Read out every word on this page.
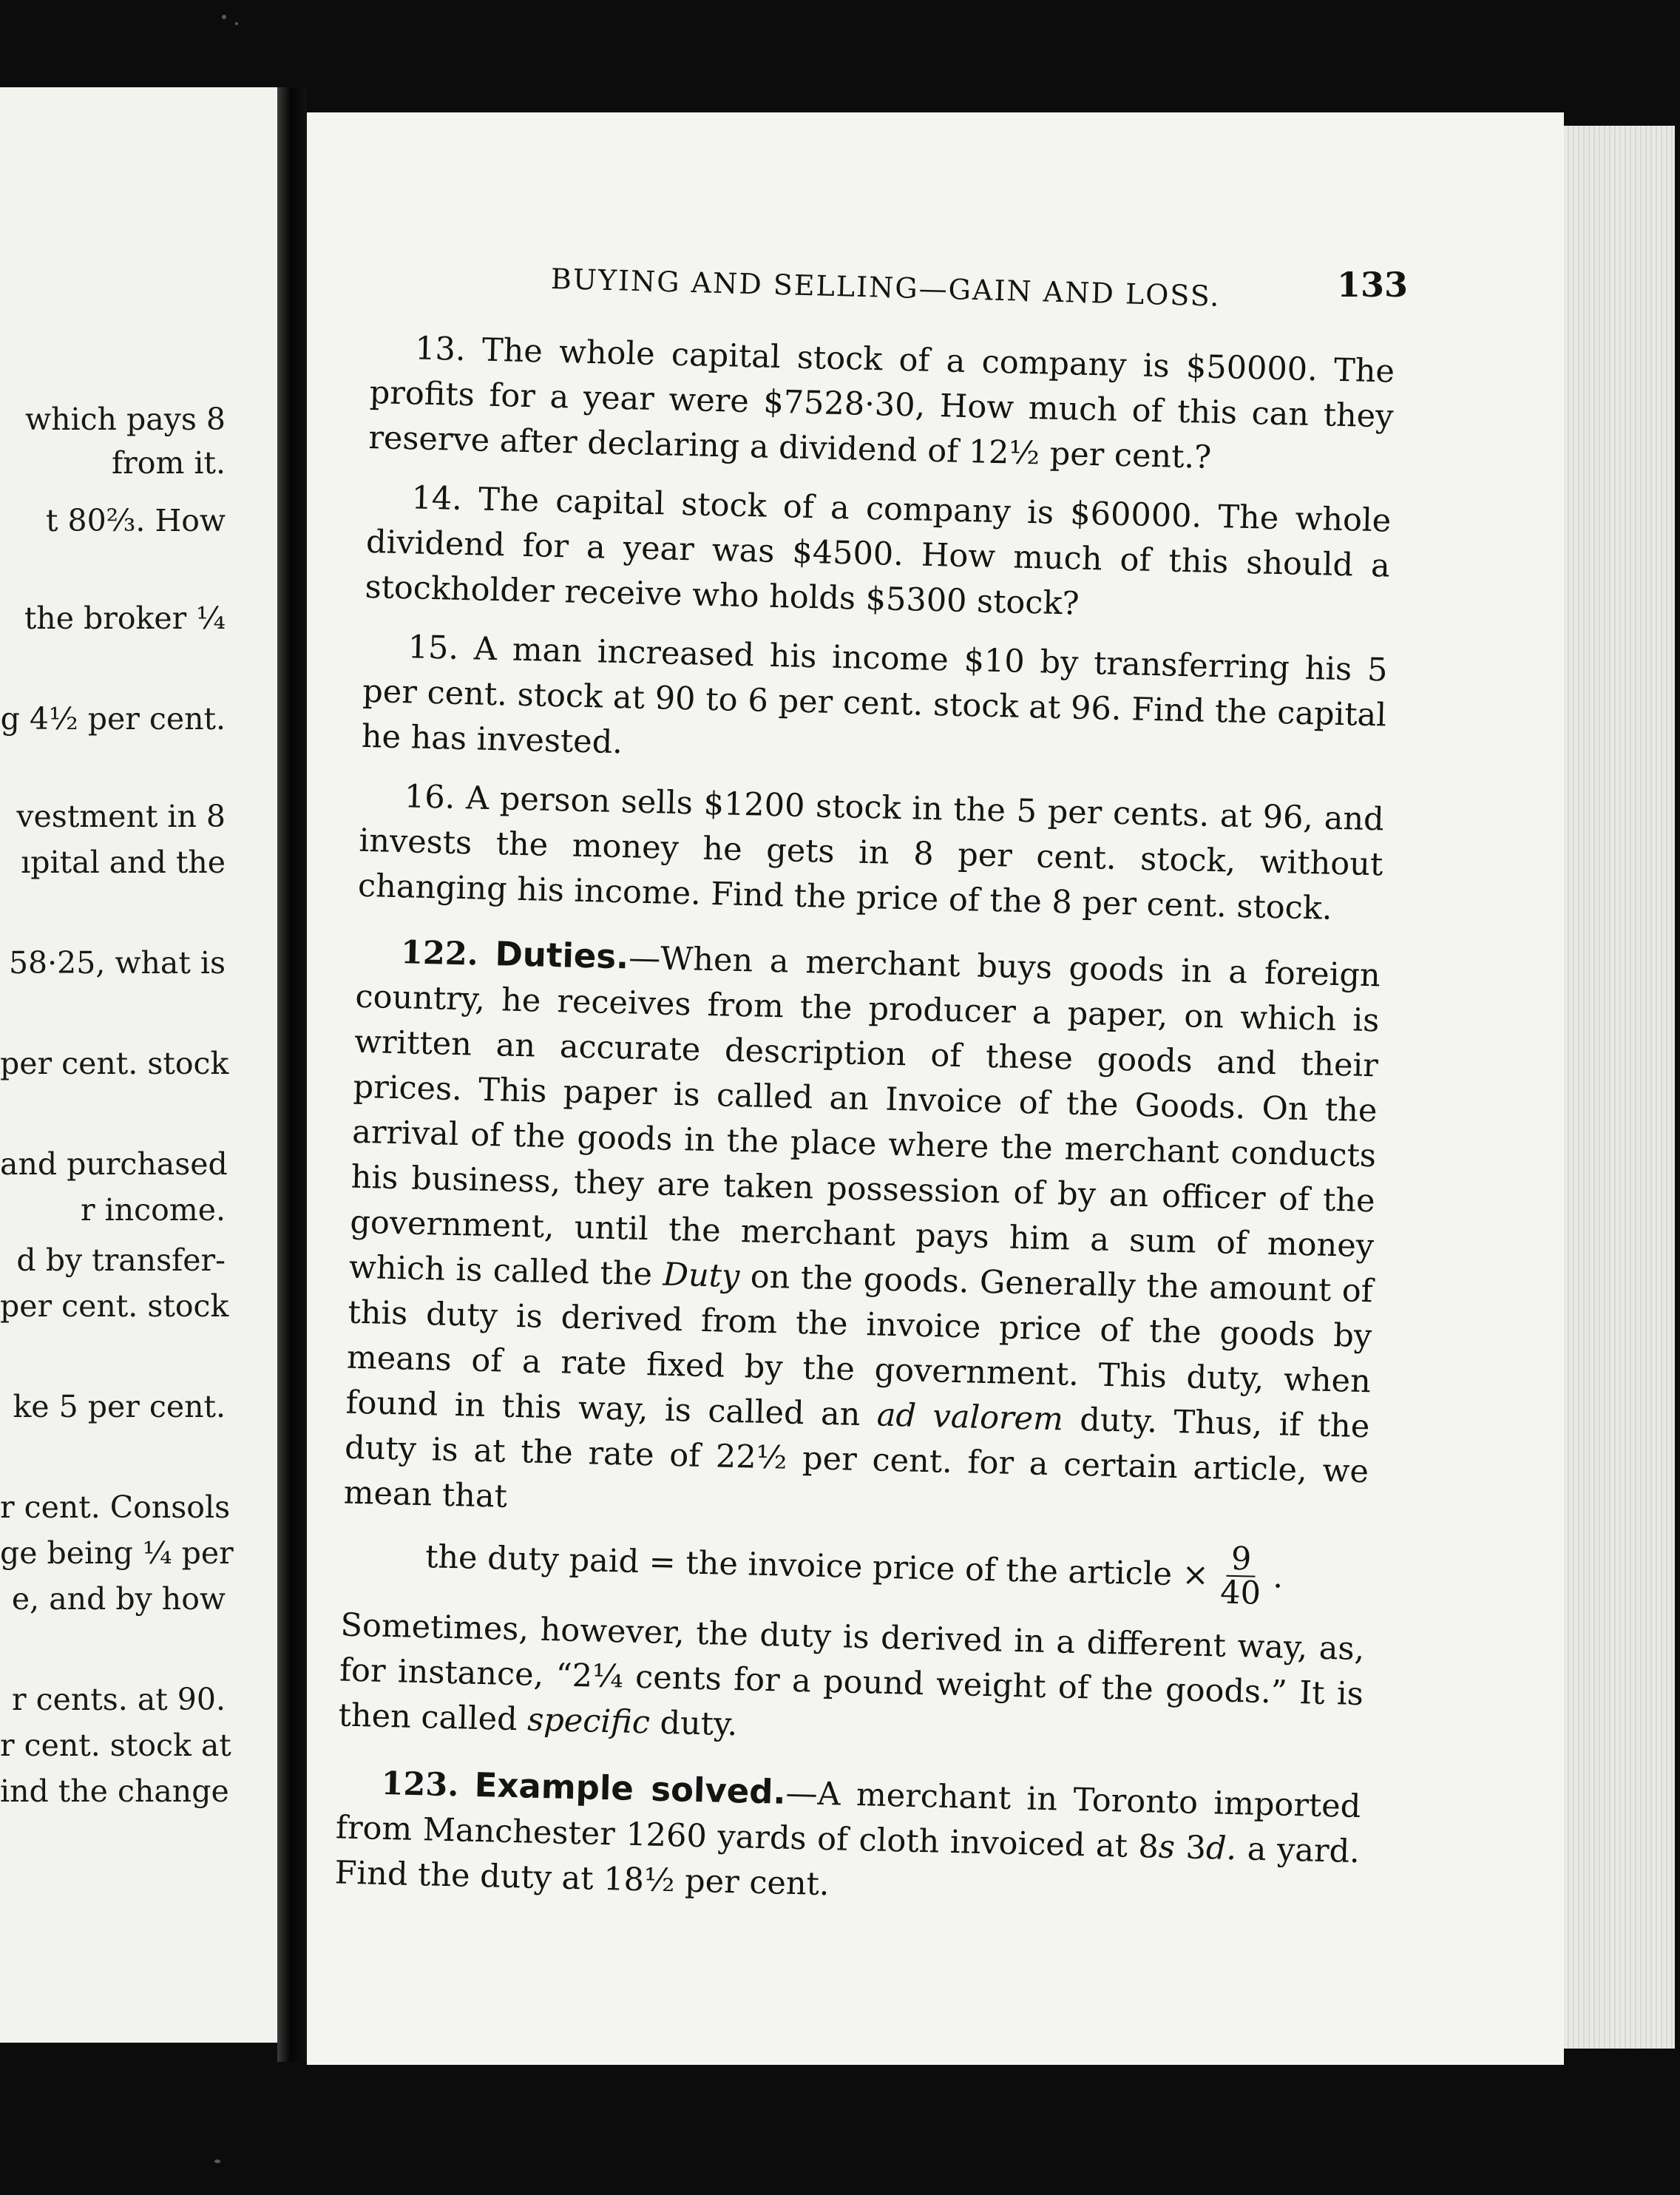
which pays 8
from it.
t 80⅔. How
the broker ¼
g 4½ per cent.
vestment in 8
ıpital and the
58·25, what is
per cent. stock
and purchased
r income.
d by transfer-
per cent. stock
ke 5 per cent.
r cent. Consols
ge being ¼ per
e, and by how
r cents. at 90.
r cent. stock at
ind the change
BUYING AND SELLING—GAIN AND LOSS.	133

13. The whole capital stock of a company is $50000. The profits for a year were $7528·30, How much of this can they reserve after declaring a dividend of 12½ per cent.?

14. The capital stock of a company is $60000. The whole dividend for a year was $4500. How much of this should a stockholder receive who holds $5300 stock?

15. A man increased his income $10 by transferring his 5 per cent. stock at 90 to 6 per cent. stock at 96. Find the capital he has invested.

16. A person sells $1200 stock in the 5 per cents. at 96, and invests the money he gets in 8 per cent. stock, without changing his income. Find the price of the 8 per cent. stock.

122. Duties.—When a merchant buys goods in a foreign country, he receives from the producer a paper, on which is written an accurate description of these goods and their prices. This paper is called an Invoice of the Goods. On the arrival of the goods in the place where the merchant conducts his business, they are taken possession of by an officer of the government, until the merchant pays him a sum of money which is called the Duty on the goods. Generally the amount of this duty is derived from the invoice price of the goods by means of a rate fixed by the government. This duty, when found in this way, is called an ad valorem duty. Thus, if the duty is at the rate of 22½ per cent. for a certain article, we mean that

the duty paid = the invoice price of the article × $\frac{9}{40}$ .

Sometimes, however, the duty is derived in a different way, as, for instance, “2¼ cents for a pound weight of the goods.” It is then called specific duty.

123. Example solved.—A merchant in Toronto imported from Manchester 1260 yards of cloth invoiced at 8s 3d. a yard. Find the duty at 18½ per cent.
